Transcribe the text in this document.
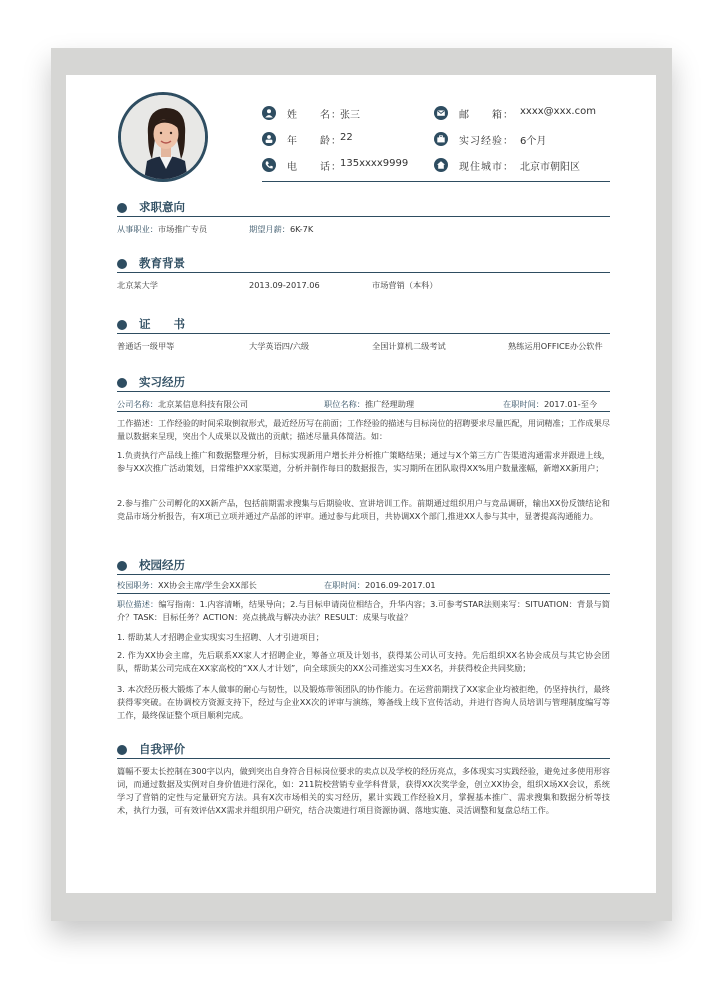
姓　　名：
张三
年　　龄：
22
电　　话：
135xxxx9999
邮　　箱： xxxx@xxx.com
实习经验： 6个月
现住城市： 北京市朝阳区
求职意向
从事职业：市场推广专员	期望月薪：6K-7K
教育背景
北京某大学	2013.09-2017.06	市场营销（本科）
证　　书
普通话一级甲等	大学英语四/六级	全国计算机二级考试	熟练运用OFFICE办公软件
实习经历
公司名称：北京某信息科技有限公司	职位名称：推广经理助理	在职时间：2017.01-至今
工作描述：工作经验的时间采取倒叙形式，最近经历写在前面；工作经验的描述与目标岗位的招聘要求尽量匹配，用词精准；工作成果尽量以数据来呈现，突出个人成果以及做出的贡献；描述尽量具体简洁。如：
1.负责执行产品线上推广和数据整理分析，目标实现新用户增长并分析推广策略结果；通过与X个第三方广告渠道沟通需求并跟进上线，参与XX次推广活动策划，日常维护XX家渠道，分析并制作每日的数据报告，实习期所在团队取得XX%用户数量涨幅，新增XX新用户；
2.参与推广公司孵化的XX新产品，包括前期需求搜集与后期验收、宣讲培训工作。前期通过组织用户与竞品调研，输出XX份反馈结论和竞品市场分析报告，有X项已立项并通过产品部的评审。通过参与此项目，共协调XX个部门,推进XX人参与其中，显著提高沟通能力。
校园经历
校园职务：XX协会主席/学生会XX部长	在职时间：2016.09-2017.01
职位描述：编写指南：1.内容清晰，结果导向；2.与目标申请岗位相结合，升华内容；3.可参考STAR法则来写：SITUATION：背景与简介？TASK：目标任务？ACTION：亮点挑战与解决办法？RESULT：成果与收益？
1. 帮助某人才招聘企业实现实习生招聘、人才引进项目；
2. 作为XX协会主席，先后联系XX家人才招聘企业，筹备立项及计划书，获得某公司认可支持。先后组织XX名协会成员与其它协会团队，帮助某公司完成在XX家高校的“XX人才计划”，向全球顶尖的XX公司推送实习生XX名，并获得校企共同奖励；
3. 本次经历极大锻炼了本人做事的耐心与韧性，以及锻炼带领团队的协作能力。在运营前期找了XX家企业均被拒绝，仍坚持执行，最终获得零突破。在协调校方资源支持下，经过与企业XX次的评审与演练，筹备线上线下宣传活动，并进行咨询人员培训与管理制度编写等工作，最终保证整个项目顺利完成。
自我评价
篇幅不要太长控制在300字以内，做到突出自身符合目标岗位要求的卖点以及学校的经历亮点，多体现实习实践经验，避免过多使用形容词，而通过数据及实例对自身价值进行深化，如：211院校营销专业学科背景，获得XX次奖学金，创立XX协会，组织X场XX会议，系统学习了营销的定性与定量研究方法。具有X次市场相关的实习经历，累计实践工作经验X月，掌握基本推广、需求搜集和数据分析等技术，执行力强，可有效评估XX需求并组织用户研究，结合决策进行项目资源协调、落地实施、灵活调整和复盘总结工作。
